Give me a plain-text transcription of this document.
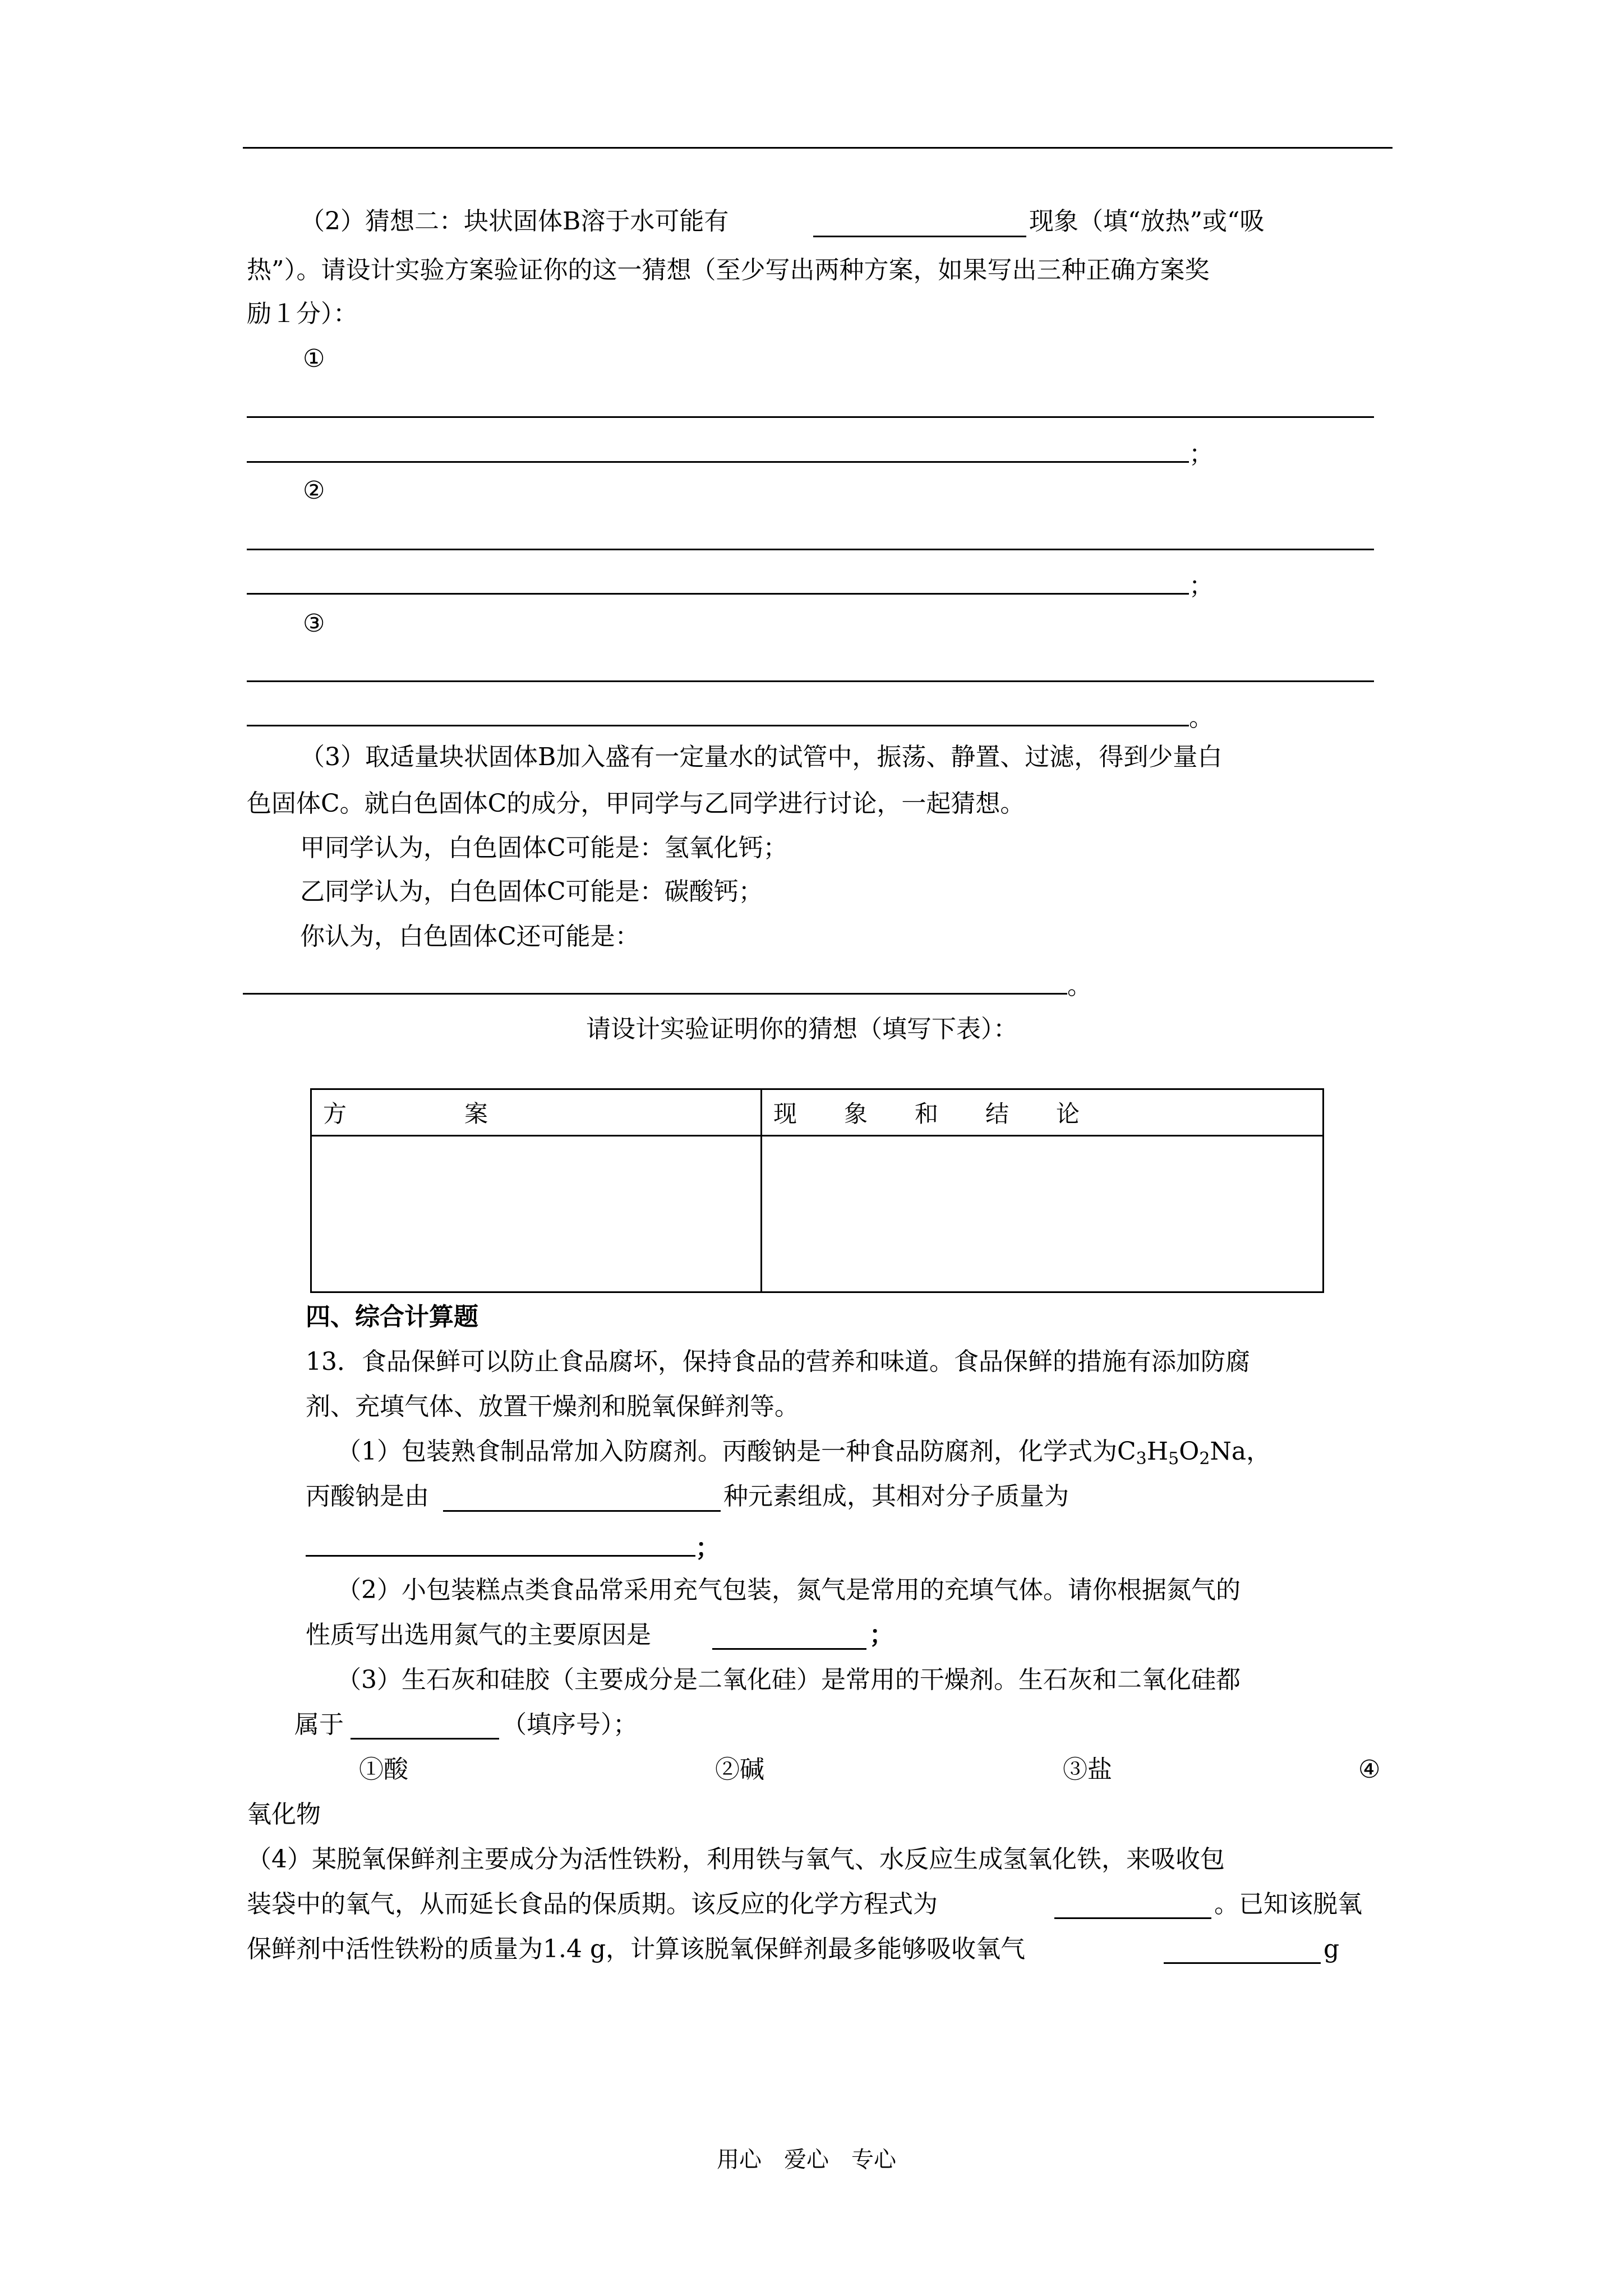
（2）猜想二：块状固体B溶于水可能有	现象（填“放热”或“吸
热”）。请设计实验方案验证你的这一猜想（至少写出两种方案，如果写出三种正确方案奖
励１分）：
①
；
②
；
③
。
（3）取适量块状固体B加入盛有一定量水的试管中，振荡、静置、过滤，得到少量白
色固体C。就白色固体C的成分，甲同学与乙同学进行讨论，一起猜想。
甲同学认为，白色固体C可能是：氢氧化钙；
乙同学认为，白色固体C可能是：碳酸钙；
你认为，白色固体C还可能是：
。
请设计实验证明你的猜想（填写下表）：
方　　　　　案	现　　象　　和　　结　　论

四、综合计算题
13．食品保鲜可以防止食品腐坏，保持食品的营养和味道。食品保鲜的措施有添加防腐
剂、充填气体、放置干燥剂和脱氧保鲜剂等。
（1）包装熟食制品常加入防腐剂。丙酸钠是一种食品防腐剂，化学式为$C_3H_5O_2Na$，
丙酸钠是由	种元素组成，其相对分子质量为
；
（2）小包装糕点类食品常采用充气包装，氮气是常用的充填气体。请你根据氮气的
性质写出选用氮气的主要原因是	；
（3）生石灰和硅胶（主要成分是二氧化硅）是常用的干燥剂。生石灰和二氧化硅都
属于	（填序号）；
①酸	②碱	③盐	④
氧化物
（4）某脱氧保鲜剂主要成分为活性铁粉，利用铁与氧气、水反应生成氢氧化铁，来吸收包
装袋中的氧气，从而延长食品的保质期。该反应的化学方程式为	。已知该脱氧
保鲜剂中活性铁粉的质量为1.4 g，计算该脱氧保鲜剂最多能够吸收氧气	g
用心　爱心　专心
